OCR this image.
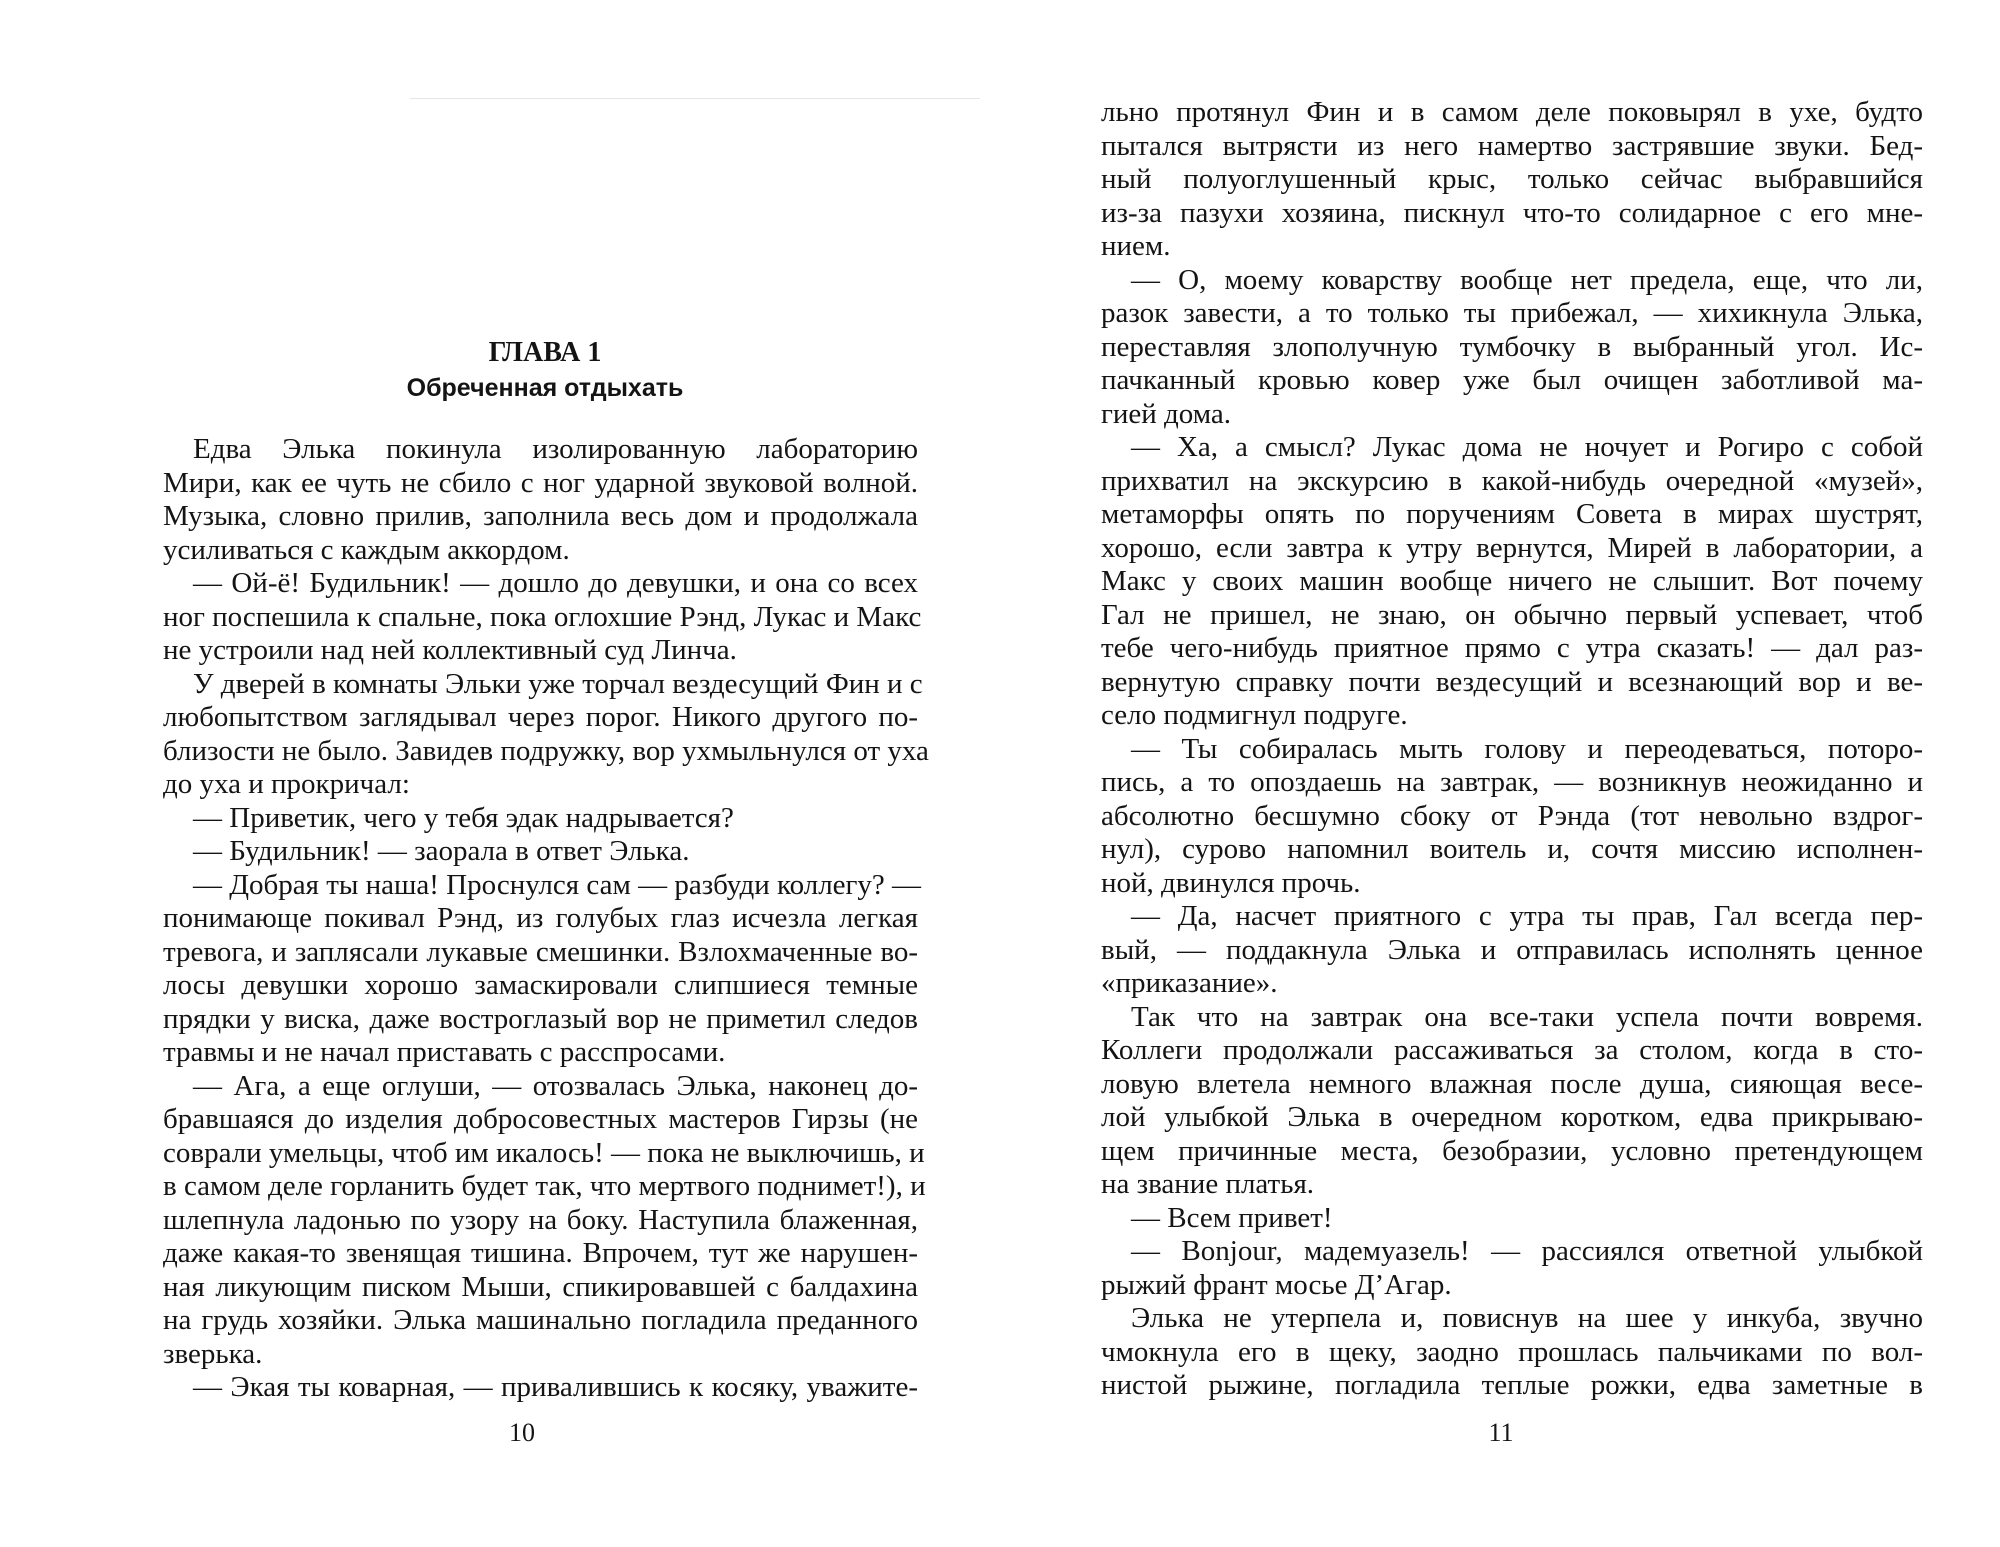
ГЛАВА 1
Обреченная отдыхать
Едва Элька покинула изолированную лабораторию
Мири, как ее чуть не сбило с ног ударной звуковой волной.
Музыка, словно прилив, заполнила весь дом и продолжала
усиливаться с каждым аккордом.
— Ой-ё! Будильник! — дошло до девушки, и она со всех
ног поспешила к спальне, пока оглохшие Рэнд, Лукас и Макс
не устроили над ней коллективный суд Линча.
У дверей в комнаты Эльки уже торчал вездесущий Фин и с
любопытством заглядывал через порог. Никого другого по-
близости не было. Завидев подружку, вор ухмыльнулся от уха
до уха и прокричал:
— Приветик, чего у тебя эдак надрывается?
— Будильник! — заорала в ответ Элька.
— Добрая ты наша! Проснулся сам — разбуди коллегу? —
понимающе покивал Рэнд, из голубых глаз исчезла легкая
тревога, и заплясали лукавые смешинки. Взлохмаченные во-
лосы девушки хорошо замаскировали слипшиеся темные
прядки у виска, даже востроглазый вор не приметил следов
травмы и не начал приставать с расспросами.
— Ага, а еще оглуши, — отозвалась Элька, наконец до-
бравшаяся до изделия добросовестных мастеров Гирзы (не
соврали умельцы, чтоб им икалось! — пока не выключишь, и
в самом деле горланить будет так, что мертвого поднимет!), и
шлепнула ладонью по узору на боку. Наступила блаженная,
даже какая-то звенящая тишина. Впрочем, тут же нарушен-
ная ликующим писком Мыши, спикировавшей с балдахина
на грудь хозяйки. Элька машинально погладила преданного
зверька.
— Экая ты коварная, — привалившись к косяку, уважите-
10
льно протянул Фин и в самом деле поковырял в ухе, будто
пытался вытрясти из него намертво застрявшие звуки. Бед-
ный полуоглушенный крыс, только сейчас выбравшийся
из-за пазухи хозяина, пискнул что-то солидарное с его мне-
нием.
— О, моему коварству вообще нет предела, еще, что ли,
разок завести, а то только ты прибежал, — хихикнула Элька,
переставляя злополучную тумбочку в выбранный угол. Ис-
пачканный кровью ковер уже был очищен заботливой ма-
гией дома.
— Ха, а смысл? Лукас дома не ночует и Рогиро с собой
прихватил на экскурсию в какой-нибудь очередной «музей»,
метаморфы опять по поручениям Совета в мирах шустрят,
хорошо, если завтра к утру вернутся, Мирей в лаборатории, а
Макс у своих машин вообще ничего не слышит. Вот почему
Гал не пришел, не знаю, он обычно первый успевает, чтоб
тебе чего-нибудь приятное прямо с утра сказать! — дал раз-
вернутую справку почти вездесущий и всезнающий вор и ве-
село подмигнул подруге.
— Ты собиралась мыть голову и переодеваться, поторо-
пись, а то опоздаешь на завтрак, — возникнув неожиданно и
абсолютно бесшумно сбоку от Рэнда (тот невольно вздрог-
нул), сурово напомнил воитель и, сочтя миссию исполнен-
ной, двинулся прочь.
— Да, насчет приятного с утра ты прав, Гал всегда пер-
вый, — поддакнула Элька и отправилась исполнять ценное
«приказание».
Так что на завтрак она все-таки успела почти вовремя.
Коллеги продолжали рассаживаться за столом, когда в сто-
ловую влетела немного влажная после душа, сияющая весе-
лой улыбкой Элька в очередном коротком, едва прикрываю-
щем причинные места, безобразии, условно претендующем
на звание платья.
— Всем привет!
— Bonjour, мадемуазель! — рассиялся ответной улыбкой
рыжий франт мосье Д’Агар.
Элька не утерпела и, повиснув на шее у инкуба, звучно
чмокнула его в щеку, заодно прошлась пальчиками по вол-
нистой рыжине, погладила теплые рожки, едва заметные в
11
